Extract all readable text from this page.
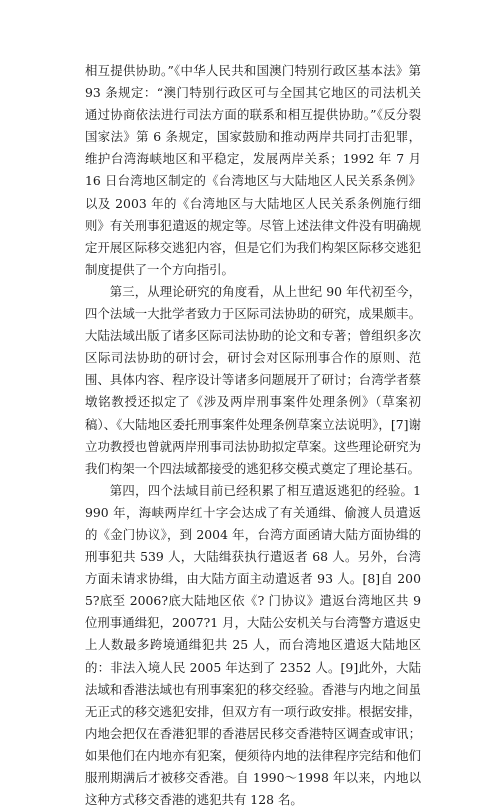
相互提供协助。”《中华人民共和国澳门特别行政区基本法》第 93 条规定：“澳门特别行政区可与全国其它地区的司法机关通过协商依法进行司法方面的联系和相互提供协助。”《反分裂国家法》第 6 条规定，国家鼓励和推动两岸共同打击犯罪，维护台湾海峡地区和平稳定，发展两岸关系；1992 年 7 月 16 日台湾地区制定的《台湾地区与大陆地区人民关系条例》以及 2003 年的《台湾地区与大陆地区人民关系条例施行细则》有关刑事犯遣返的规定等。尽管上述法律文件没有明确规定开展区际移交逃犯内容，但是它们为我们构架区际移交逃犯制度提供了一个方向指引。

第三，从理论研究的角度看，从上世纪 90 年代初至今，四个法域一大批学者致力于区际司法协助的研究，成果颇丰。大陆法域出版了诸多区际司法协助的论文和专著；曾组织多次区际司法协助的研讨会，研讨会对区际刑事合作的原则、范围、具体内容、程序设计等诸多问题展开了研讨；台湾学者蔡墩铭教授还拟定了《涉及两岸刑事案件处理条例》（草案初稿）、《大陆地区委托刑事案件处理条例草案立法说明》，[7]谢立功教授也曾就两岸刑事司法协助拟定草案。这些理论研究为我们构架一个四法域都接受的逃犯移交模式奠定了理论基石。

第四，四个法域目前已经积累了相互遣返逃犯的经验。1990 年，海峡两岸红十字会达成了有关通缉、偷渡人员遣返的《金门协议》，到 2004 年，台湾方面函请大陆方面协缉的刑事犯共 539 人，大陆缉获执行遣返者 68 人。另外，台湾方面未请求协缉，由大陆方面主动遣返者 93 人。[8]自 2005?底至 2006?底大陆地区依《? 门协议》遣返台湾地区共 9 位刑事通缉犯，2007?1 月，大陆公安机关与台湾警方遣返史上人数最多跨境通缉犯共 25 人，而台湾地区遣返大陆地区的：非法入境人民 2005 年达到了 2352 人。[9]此外，大陆法域和香港法域也有刑事案犯的移交经验。香港与内地之间虽无正式的移交逃犯安排，但双方有一项行政安排。根据安排，内地会把仅在香港犯罪的香港居民移交香港特区调查或审讯；如果他们在内地亦有犯案，便须待内地的法律程序完结和他们服刑期满后才被移交香港。自 1990～1998 年以来，内地以这种方式移交香港的逃犯共有 128 名。
